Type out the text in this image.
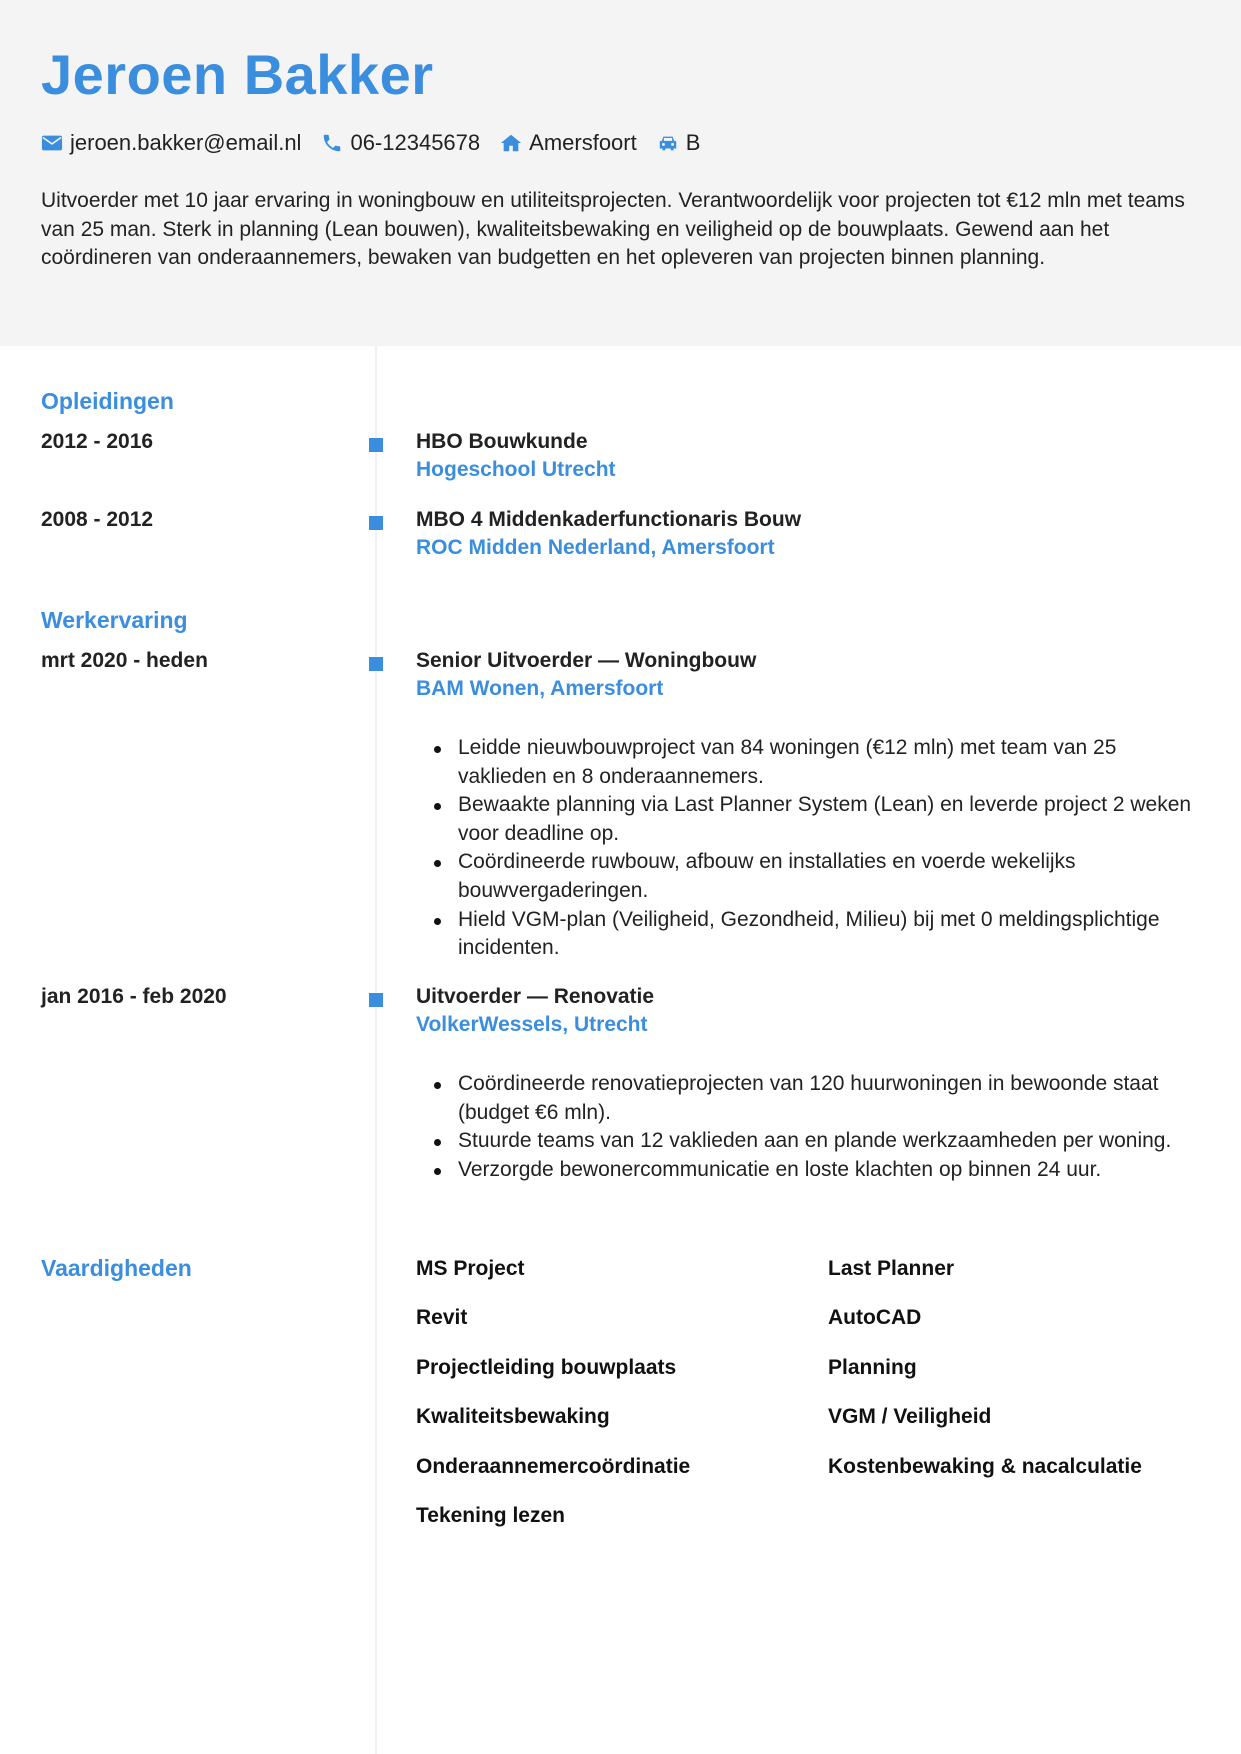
Jeroen Bakker
jeroen.bakker@email.nl 06-12345678 Amersfoort B

Uitvoerder met 10 jaar ervaring in woningbouw en utiliteitsprojecten. Verantwoordelijk voor projecten tot €12 mln met teams van 25 man. Sterk in planning (Lean bouwen), kwaliteitsbewaking en veiligheid op de bouwplaats. Gewend aan het coördineren van onderaannemers, bewaken van budgetten en het opleveren van projecten binnen planning.

Opleidingen
2012 - 2016	HBO Bouwkunde
Hogeschool Utrecht
2008 - 2012	MBO 4 Middenkaderfunctionaris Bouw
ROC Midden Nederland, Amersfoort
Werkervaring
mrt 2020 - heden	Senior Uitvoerder — Woningbouw
BAM Wonen, Amersfoort
Leidde nieuwbouwproject van 84 woningen (€12 mln) met team van 25 vaklieden en 8 onderaannemers.
Bewaakte planning via Last Planner System (Lean) en leverde project 2 weken voor deadline op.
Coördineerde ruwbouw, afbouw en installaties en voerde wekelijks bouwvergaderingen.
Hield VGM-plan (Veiligheid, Gezondheid, Milieu) bij met 0 meldingsplichtige incidenten.
jan 2016 - feb 2020	Uitvoerder — Renovatie
VolkerWessels, Utrecht
Coördineerde renovatieprojecten van 120 huurwoningen in bewoonde staat (budget €6 mln).
Stuurde teams van 12 vaklieden aan en plande werkzaamheden per woning.
Verzorgde bewonercommunicatie en loste klachten op binnen 24 uur.
Vaardigheden	MS Project	Last Planner
Revit	AutoCAD
Projectleiding bouwplaats	Planning
Kwaliteitsbewaking	VGM / Veiligheid
Onderaannemercoördinatie	Kostenbewaking & nacalculatie
Tekening lezen
